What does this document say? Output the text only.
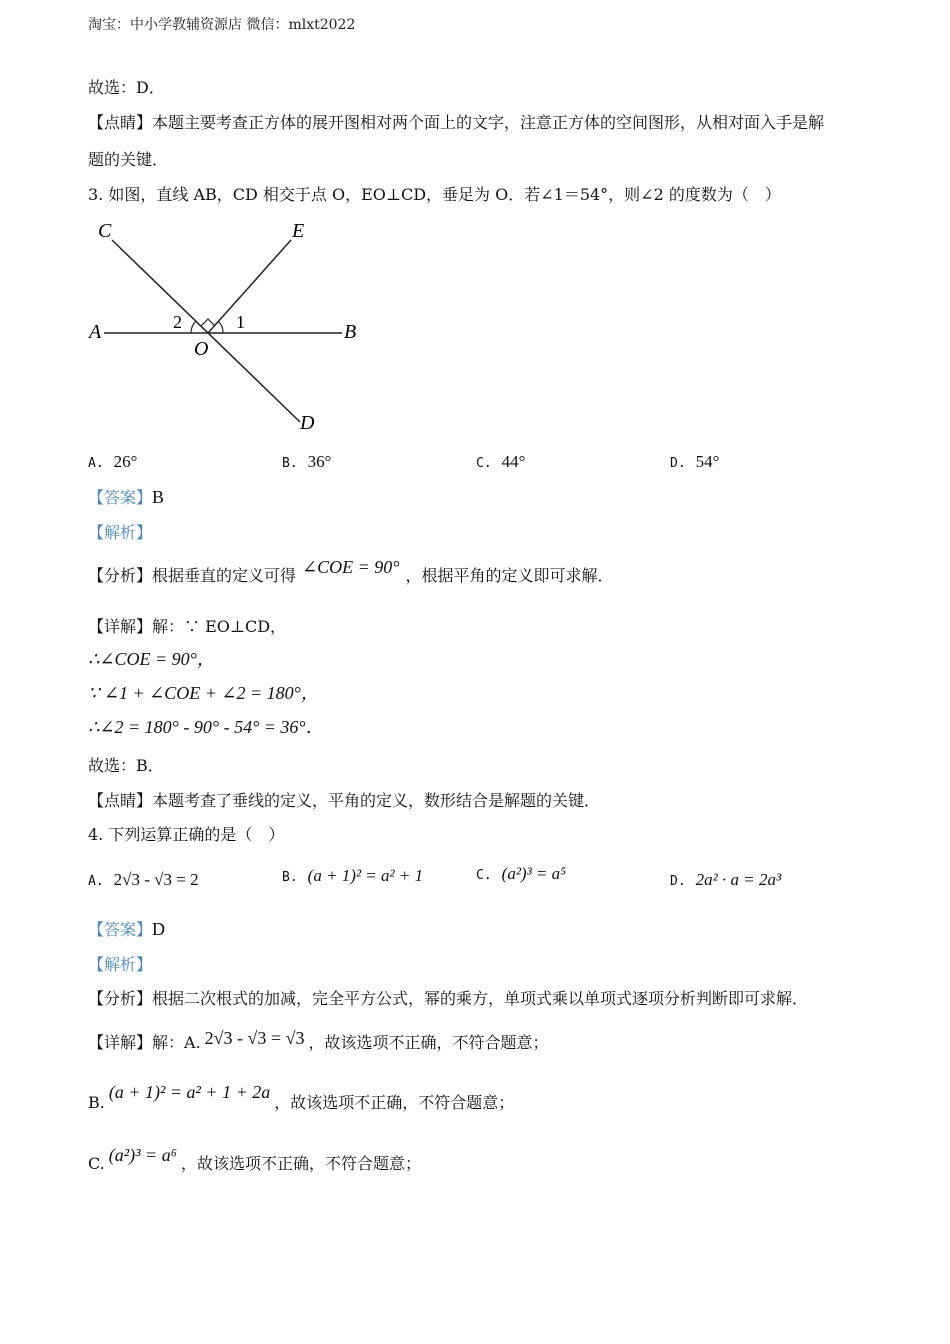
淘宝：中小学教辅资源店 微信：mlxt2022
故选：D．
【点睛】本题主要考查正方体的展开图相对两个面上的文字，注意正方体的空间图形，从相对面入手是解
题的关键．
3. 如图，直线 AB，CD 相交于点 O，EO⊥CD，垂足为 O．若∠1＝54°，则∠2 的度数为（　）
C	E
A	B
O
D
2	1
A. 26°	B. 36°	C. 44°	D. 54°
【答案】B
【解析】
【分析】根据垂直的定义可得 ∠COE = 90° ，根据平角的定义即可求解．
【详解】解：∵ EO⊥CD，
∴∠COE = 90°，
∵ ∠1 + ∠COE + ∠2 = 180°，
∴∠2 = 180° - 90° - 54° = 36°．
故选：B．
【点睛】本题考查了垂线的定义，平角的定义，数形结合是解题的关键．
4. 下列运算正确的是（　）
A. 2√3 - √3 = 2	B. (a + 1)² = a² + 1	C. (a²)³ = a⁵	D. 2a² · a = 2a³
【答案】D
【解析】
【分析】根据二次根式的加减，完全平方公式，幂的乘方，单项式乘以单项式逐项分析判断即可求解．
【详解】解：A. 2√3 - √3 = √3 ，故该选项不正确，不符合题意；
B.(a + 1)² = a² + 1 + 2a，故该选项不正确，不符合题意；
C. (a²)³ = a⁶ ，故该选项不正确，不符合题意；
